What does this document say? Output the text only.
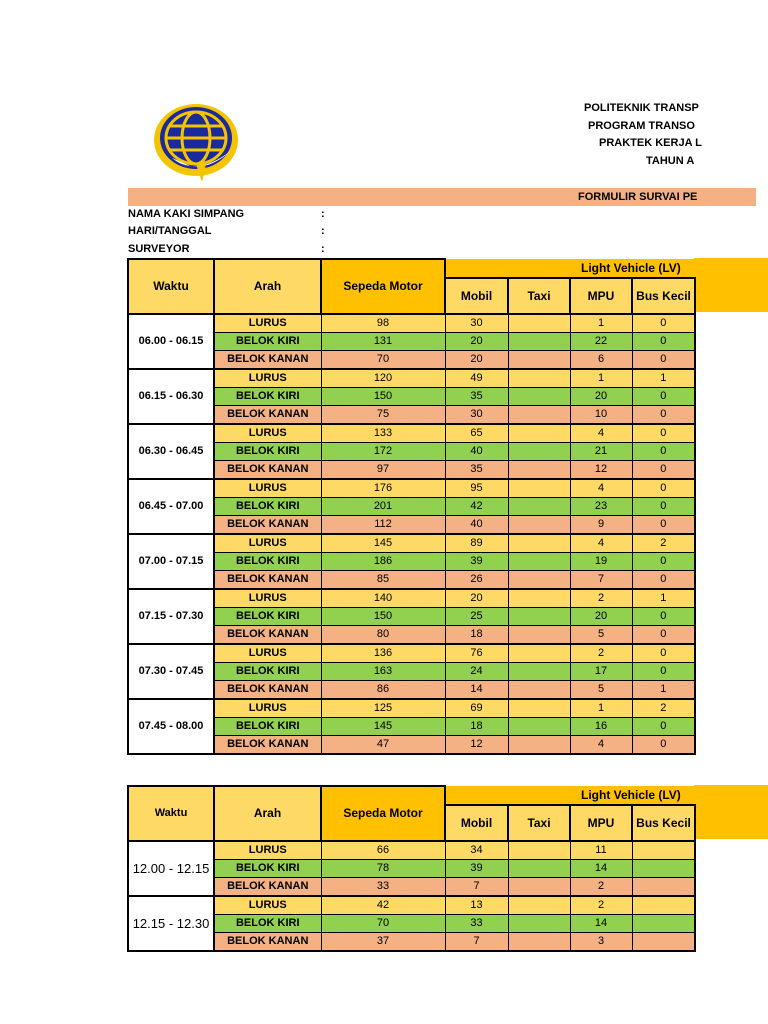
POLITEKNIK TRANSP
PROGRAM TRANSO
PRAKTEK KERJA L
TAHUN A
FORMULIR SURVAI PE
NAMA KAKI SIMPANG	:
HARI/TANGGAL	:
SURVEYOR	:
Waktu	Arah	Sepeda Motor	Light Vehicle (LV)			
			Mobil	Taxi	MPU	Bus Kecil
06.00 - 06.15	LURUS	98	30		1	0
	BELOK KIRI	131	20		22	0
	BELOK KANAN	70	20		6	0
06.15 - 06.30	LURUS	120	49		1	1
	BELOK KIRI	150	35		20	0
	BELOK KANAN	75	30		10	0
06.30 - 06.45	LURUS	133	65		4	0
	BELOK KIRI	172	40		21	0
	BELOK KANAN	97	35		12	0
06.45 - 07.00	LURUS	176	95		4	0
	BELOK KIRI	201	42		23	0
	BELOK KANAN	112	40		9	0
07.00 - 07.15	LURUS	145	89		4	2
	BELOK KIRI	186	39		19	0
	BELOK KANAN	85	26		7	0
07.15 - 07.30	LURUS	140	20		2	1
	BELOK KIRI	150	25		20	0
	BELOK KANAN	80	18		5	0
07.30 - 07.45	LURUS	136	76		2	0
	BELOK KIRI	163	24		17	0
	BELOK KANAN	86	14		5	1
07.45 - 08.00	LURUS	125	69		1	2
	BELOK KIRI	145	18		16	0
	BELOK KANAN	47	12		4	0
Waktu	Arah	Sepeda Motor	Light Vehicle (LV)			
			Mobil	Taxi	MPU	Bus Kecil
12.00 - 12.15	LURUS	66	34		11	
	BELOK KIRI	78	39		14	
	BELOK KANAN	33	7		2	
12.15 - 12.30	LURUS	42	13		2	
	BELOK KIRI	70	33		14	
	BELOK KANAN	37	7		3	
